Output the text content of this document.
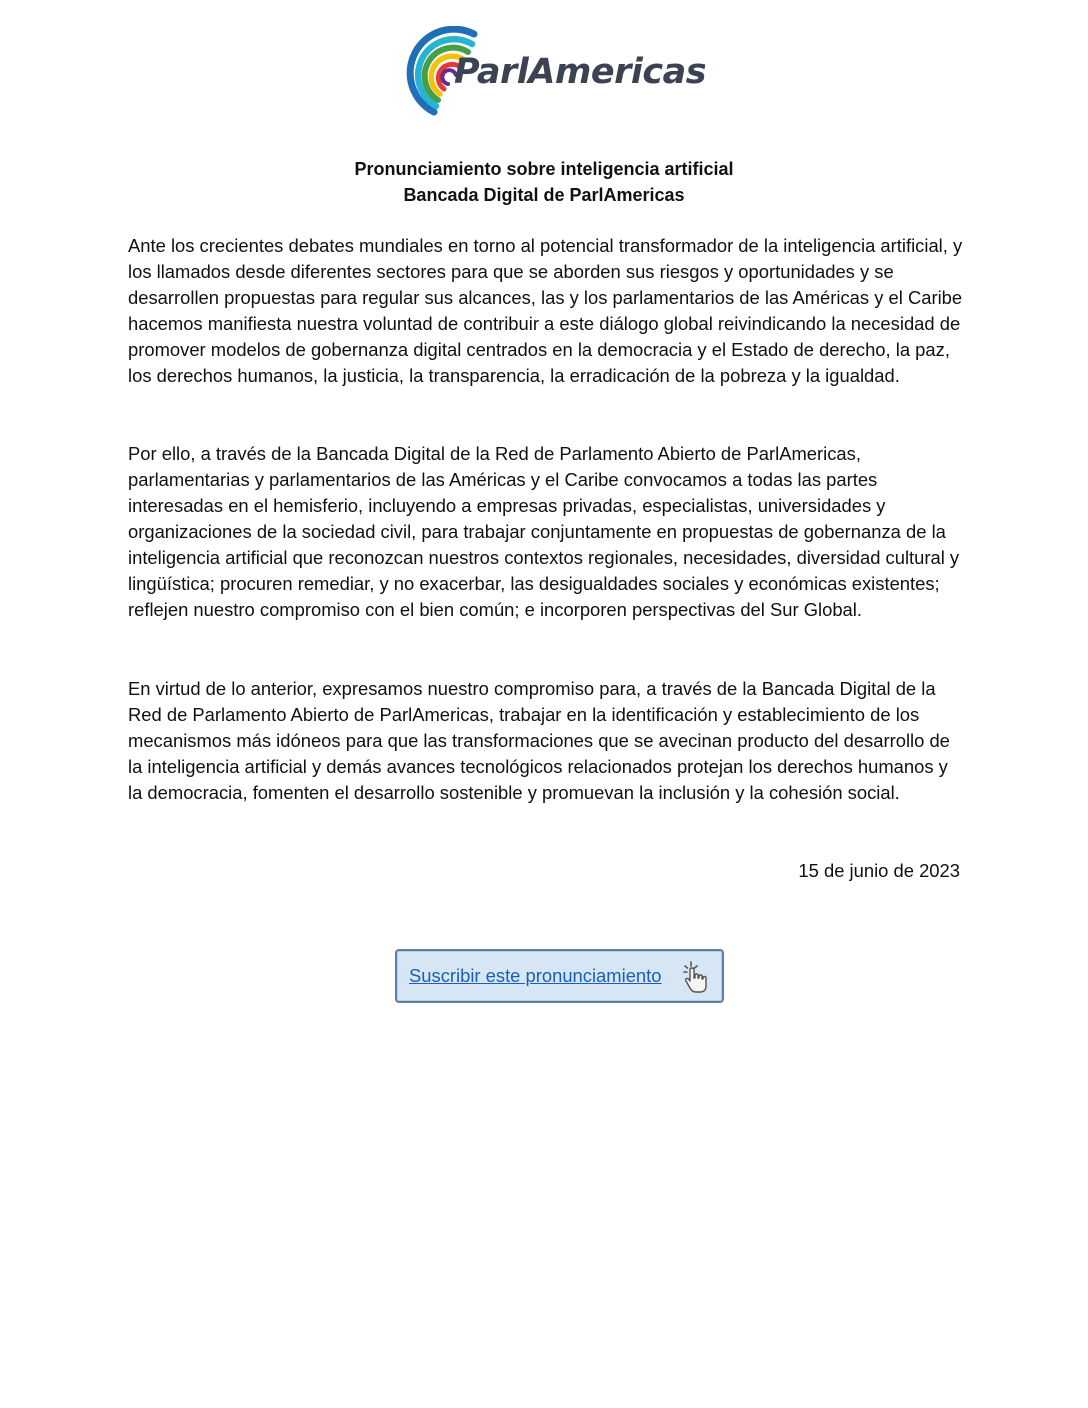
ParlAmericas
Pronunciamiento sobre inteligencia artificial
Bancada Digital de ParlAmericas

Ante los crecientes debates mundiales en torno al potencial transformador de la inteligencia artificial, y los llamados desde diferentes sectores para que se aborden sus riesgos y oportunidades y se desarrollen propuestas para regular sus alcances, las y los parlamentarios de las Américas y el Caribe hacemos manifiesta nuestra voluntad de contribuir a este diálogo global reivindicando la necesidad de promover modelos de gobernanza digital centrados en la democracia y el Estado de derecho, la paz, los derechos humanos, la justicia, la transparencia, la erradicación de la pobreza y la igualdad.

Por ello, a través de la Bancada Digital de la Red de Parlamento Abierto de ParlAmericas, parlamentarias y parlamentarios de las Américas y el Caribe convocamos a todas las partes interesadas en el hemisferio, incluyendo a empresas privadas, especialistas, universidades y organizaciones de la sociedad civil, para trabajar conjuntamente en propuestas de gobernanza de la inteligencia artificial que reconozcan nuestros contextos regionales, necesidades, diversidad cultural y lingüística; procuren remediar, y no exacerbar, las desigualdades sociales y económicas existentes; reflejen nuestro compromiso con el bien común; e incorporen perspectivas del Sur Global.

En virtud de lo anterior, expresamos nuestro compromiso para, a través de la Bancada Digital de la Red de Parlamento Abierto de ParlAmericas, trabajar en la identificación y establecimiento de los mecanismos más idóneos para que las transformaciones que se avecinan producto del desarrollo de la inteligencia artificial y demás avances tecnológicos relacionados protejan los derechos humanos y la democracia, fomenten el desarrollo sostenible y promuevan la inclusión y la cohesión social.

15 de junio de 2023
Suscribir este pronunciamiento
